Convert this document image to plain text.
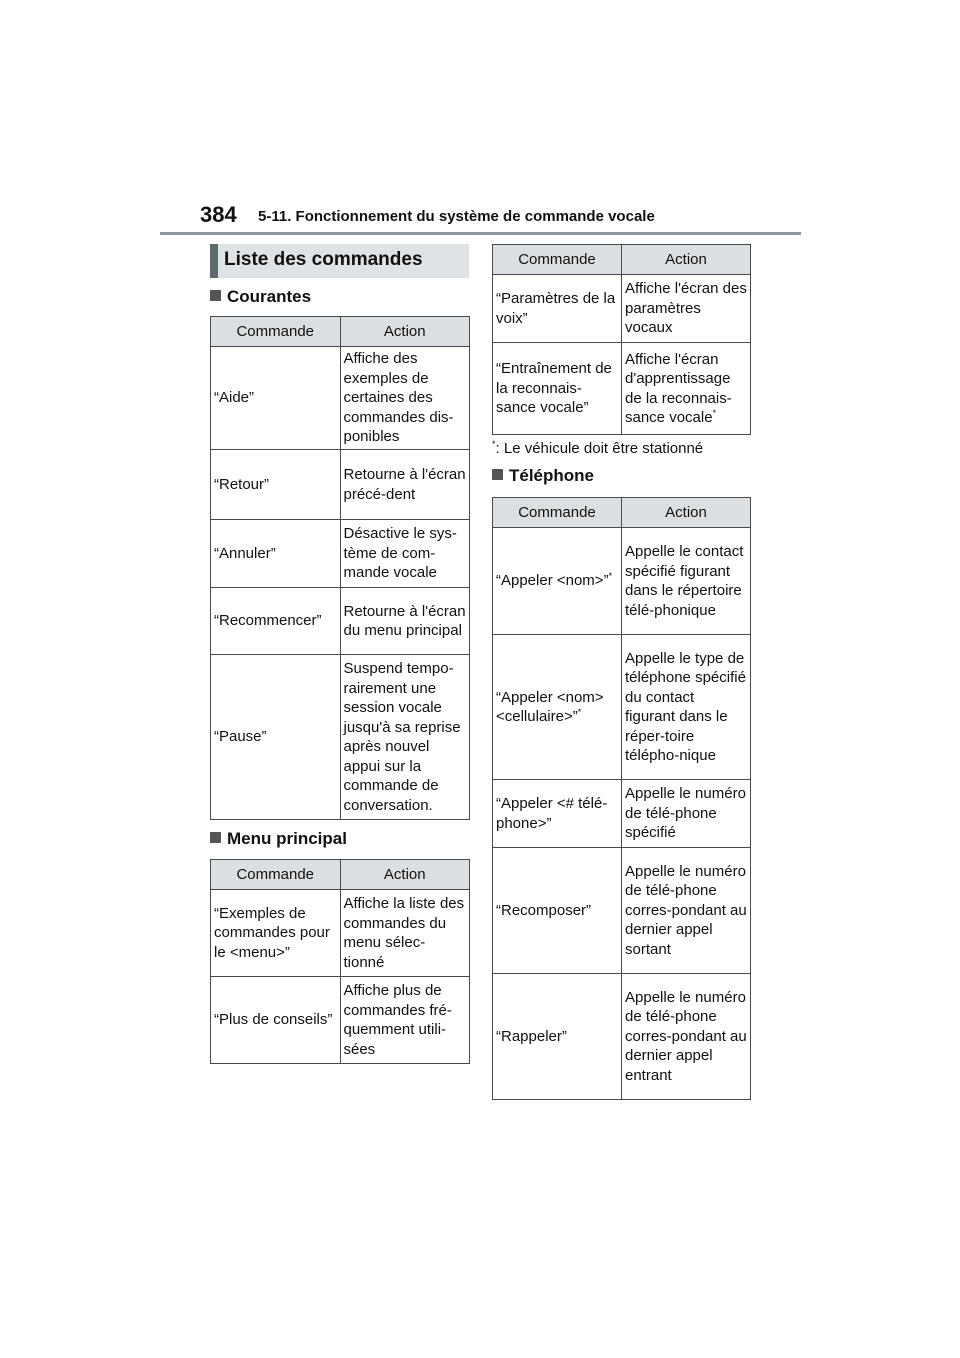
384 5-11. Fonctionnement du système de commande vocale
Liste des commandes
Courantes
Commande	Action
“Aide”	Affiche des exemples de certaines des commandes dis-ponibles
“Retour”	Retourne à l'écran précé-dent
“Annuler”	Désactive le sys-tème de com-mande vocale
“Recommencer”	Retourne à l'écran du menu principal
“Pause”	Suspend tempo-rairement une session vocale jusqu'à sa reprise après nouvel appui sur la commande de conversation.
Menu principal
Commande	Action
“Exemples de commandes pour le <menu>”	Affiche la liste des commandes du menu sélec-tionné
“Plus de conseils”	Affiche plus de commandes fré-quemment utili-sées
Commande	Action
“Paramètres de la voix”	Affiche l'écran des paramètres vocaux
“Entraînement de la reconnais-sance vocale”	Affiche l'écran d'apprentissage de la reconnais-sance vocale*
*: Le véhicule doit être stationné
Téléphone
Commande	Action
“Appeler <nom>”*	Appelle le contact spécifié figurant dans le répertoire télé-phonique
“Appeler <nom> <cellulaire>”*	Appelle le type de téléphone spécifié du contact figurant dans le réper-toire télépho-nique
“Appeler <# télé-phone>”	Appelle le numéro de télé-phone spécifié
“Recomposer”	Appelle le numéro de télé-phone corres-pondant au dernier appel sortant
“Rappeler”	Appelle le numéro de télé-phone corres-pondant au dernier appel entrant
